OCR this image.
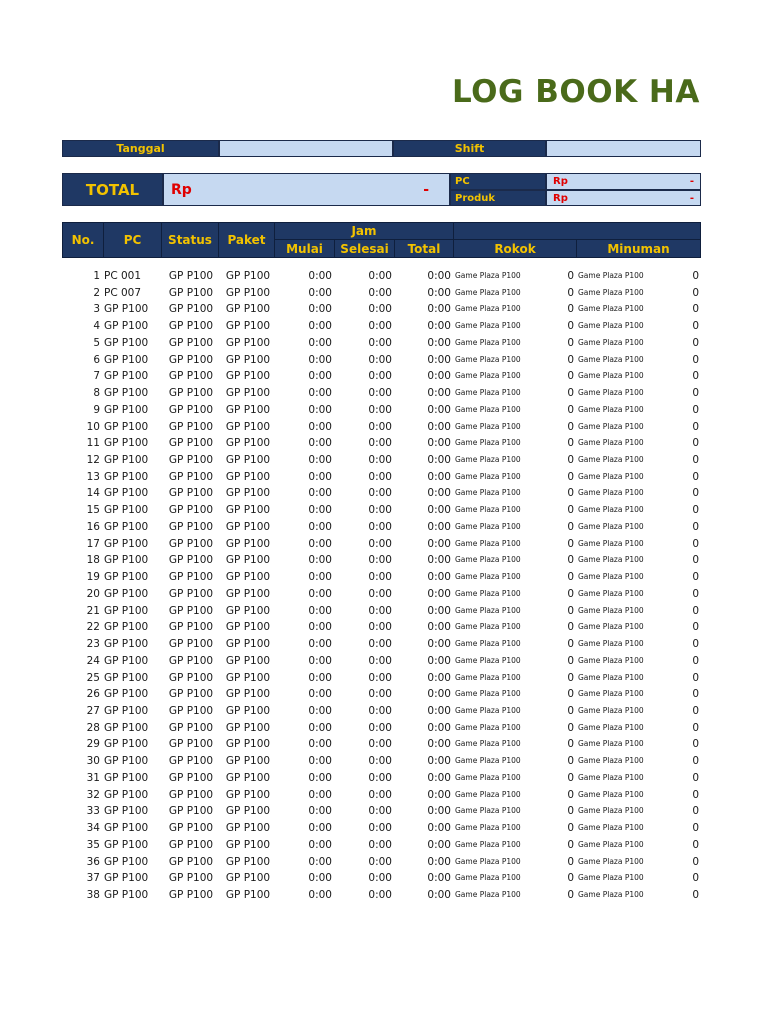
LOG BOOK HA
Tanggal	Shift
TOTAL	Rp	-	PC	Rp	-
Produk	Rp	-
No.	PC	Status	Paket
Jam
Mulai	Selesai	Total	Rokok	Minuman
1 PC 001	GP P100	GP P100	0:00	0:00	0:00 Game Plaza P100	0 Game Plaza P100	0
2 PC 007	GP P100	GP P100	0:00	0:00	0:00 Game Plaza P100	0 Game Plaza P100	0
3 GP P100	GP P100	GP P100	0:00	0:00	0:00 Game Plaza P100	0 Game Plaza P100	0
4 GP P100	GP P100	GP P100	0:00	0:00	0:00 Game Plaza P100	0 Game Plaza P100	0
5 GP P100	GP P100	GP P100	0:00	0:00	0:00 Game Plaza P100	0 Game Plaza P100	0
6 GP P100	GP P100	GP P100	0:00	0:00	0:00 Game Plaza P100	0 Game Plaza P100	0
7 GP P100	GP P100	GP P100	0:00	0:00	0:00 Game Plaza P100	0 Game Plaza P100	0
8 GP P100	GP P100	GP P100	0:00	0:00	0:00 Game Plaza P100	0 Game Plaza P100	0
9 GP P100	GP P100	GP P100	0:00	0:00	0:00 Game Plaza P100	0 Game Plaza P100	0
10 GP P100	GP P100	GP P100	0:00	0:00	0:00 Game Plaza P100	0 Game Plaza P100	0
11 GP P100	GP P100	GP P100	0:00	0:00	0:00 Game Plaza P100	0 Game Plaza P100	0
12 GP P100	GP P100	GP P100	0:00	0:00	0:00 Game Plaza P100	0 Game Plaza P100	0
13 GP P100	GP P100	GP P100	0:00	0:00	0:00 Game Plaza P100	0 Game Plaza P100	0
14 GP P100	GP P100	GP P100	0:00	0:00	0:00 Game Plaza P100	0 Game Plaza P100	0
15 GP P100	GP P100	GP P100	0:00	0:00	0:00 Game Plaza P100	0 Game Plaza P100	0
16 GP P100	GP P100	GP P100	0:00	0:00	0:00 Game Plaza P100	0 Game Plaza P100	0
17 GP P100	GP P100	GP P100	0:00	0:00	0:00 Game Plaza P100	0 Game Plaza P100	0
18 GP P100	GP P100	GP P100	0:00	0:00	0:00 Game Plaza P100	0 Game Plaza P100	0
19 GP P100	GP P100	GP P100	0:00	0:00	0:00 Game Plaza P100	0 Game Plaza P100	0
20 GP P100	GP P100	GP P100	0:00	0:00	0:00 Game Plaza P100	0 Game Plaza P100	0
21 GP P100	GP P100	GP P100	0:00	0:00	0:00 Game Plaza P100	0 Game Plaza P100	0
22 GP P100	GP P100	GP P100	0:00	0:00	0:00 Game Plaza P100	0 Game Plaza P100	0
23 GP P100	GP P100	GP P100	0:00	0:00	0:00 Game Plaza P100	0 Game Plaza P100	0
24 GP P100	GP P100	GP P100	0:00	0:00	0:00 Game Plaza P100	0 Game Plaza P100	0
25 GP P100	GP P100	GP P100	0:00	0:00	0:00 Game Plaza P100	0 Game Plaza P100	0
26 GP P100	GP P100	GP P100	0:00	0:00	0:00 Game Plaza P100	0 Game Plaza P100	0
27 GP P100	GP P100	GP P100	0:00	0:00	0:00 Game Plaza P100	0 Game Plaza P100	0
28 GP P100	GP P100	GP P100	0:00	0:00	0:00 Game Plaza P100	0 Game Plaza P100	0
29 GP P100	GP P100	GP P100	0:00	0:00	0:00 Game Plaza P100	0 Game Plaza P100	0
30 GP P100	GP P100	GP P100	0:00	0:00	0:00 Game Plaza P100	0 Game Plaza P100	0
31 GP P100	GP P100	GP P100	0:00	0:00	0:00 Game Plaza P100	0 Game Plaza P100	0
32 GP P100	GP P100	GP P100	0:00	0:00	0:00 Game Plaza P100	0 Game Plaza P100	0
33 GP P100	GP P100	GP P100	0:00	0:00	0:00 Game Plaza P100	0 Game Plaza P100	0
34 GP P100	GP P100	GP P100	0:00	0:00	0:00 Game Plaza P100	0 Game Plaza P100	0
35 GP P100	GP P100	GP P100	0:00	0:00	0:00 Game Plaza P100	0 Game Plaza P100	0
36 GP P100	GP P100	GP P100	0:00	0:00	0:00 Game Plaza P100	0 Game Plaza P100	0
37 GP P100	GP P100	GP P100	0:00	0:00	0:00 Game Plaza P100	0 Game Plaza P100	0
38 GP P100	GP P100	GP P100	0:00	0:00	0:00 Game Plaza P100	0 Game Plaza P100	0
